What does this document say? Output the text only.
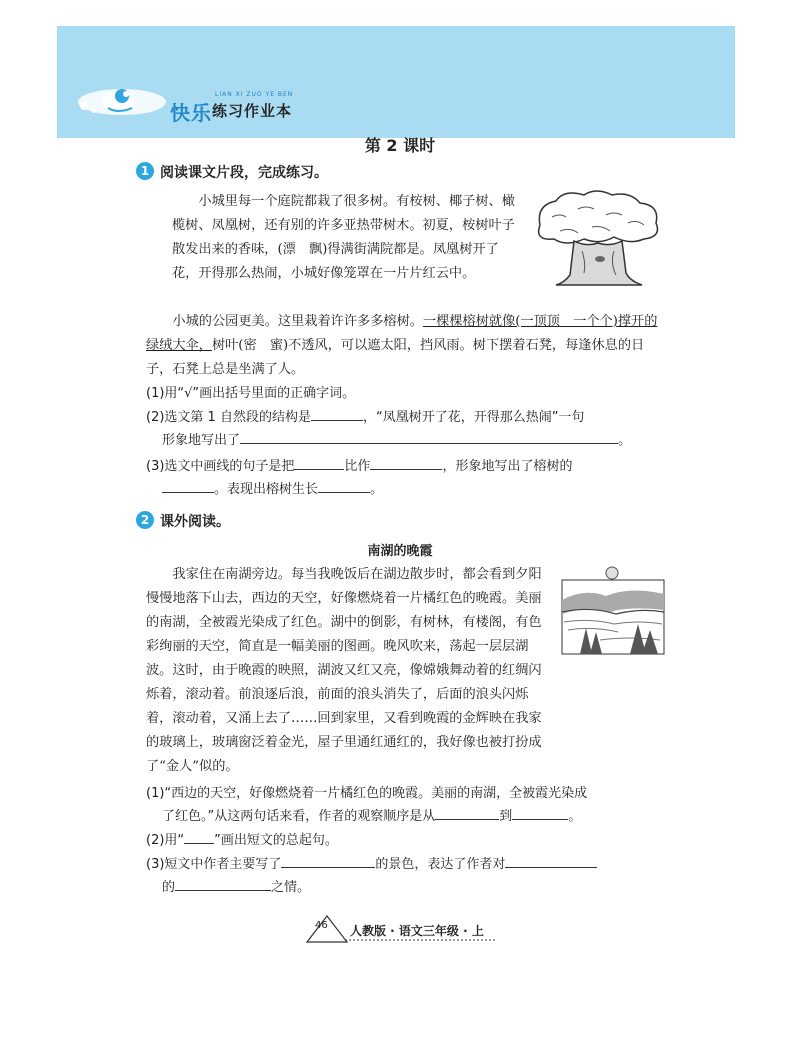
快乐
LIAN XI ZUO YE BEN
练习作业本
第 2 课时
1 阅读课文片段，完成练习。

小城里每一个庭院都栽了很多树。有桉树、椰子树、橄榄树、凤凰树，还有别的许多亚热带树木。初夏，桉树叶子散发出来的香味，(漂　飘)得满街满院都是。凤凰树开了花，开得那么热闹，小城好像笼罩在一片片红云中。

小城的公园更美。这里栽着许许多多榕树。一棵棵榕树就像(一顶顶　一个个)撑开的绿绒大伞，树叶(密　蜜)不透风，可以遮太阳，挡风雨。树下摆着石凳，每逢休息的日子，石凳上总是坐满了人。

(1)用“√”画出括号里面的正确字词。
(2)选文第 1 自然段的结构是	，“凤凰树开了花，开得那么热闹”一句
形象地写出了	。
(3)选文中画线的句子是把	比作	，形象地写出了榕树的
。表现出榕树生长	。
2 课外阅读。
南湖的晚霞

我家住在南湖旁边。每当我晚饭后在湖边散步时，都会看到夕阳慢慢地落下山去，西边的天空，好像燃烧着一片橘红色的晚霞。美丽的南湖，全被霞光染成了红色。湖中的倒影，有树林，有楼阁，有色彩绚丽的天空，简直是一幅美丽的图画。晚风吹来，荡起一层层湖波。这时，由于晚霞的映照，湖波又红又亮，像嫦娥舞动着的红绸闪烁着，滚动着。前浪逐后浪，前面的浪头消失了，后面的浪头闪烁着，滚动着，又涌上去了……回到家里，又看到晚霞的金辉映在我家的玻璃上，玻璃窗泛着金光，屋子里通红通红的，我好像也被打扮成了“金人”似的。

(1)“西边的天空，好像燃烧着一片橘红色的晚霞。美丽的南湖，全被霞光染成
了红色。”从这两句话来看，作者的观察顺序是从	到	。
(2)用“ ”画出短文的总起句。
(3)短文中作者主要写了	的景色，表达了作者对
的	之情。
46 人教版 · 语文三年级 · 上
